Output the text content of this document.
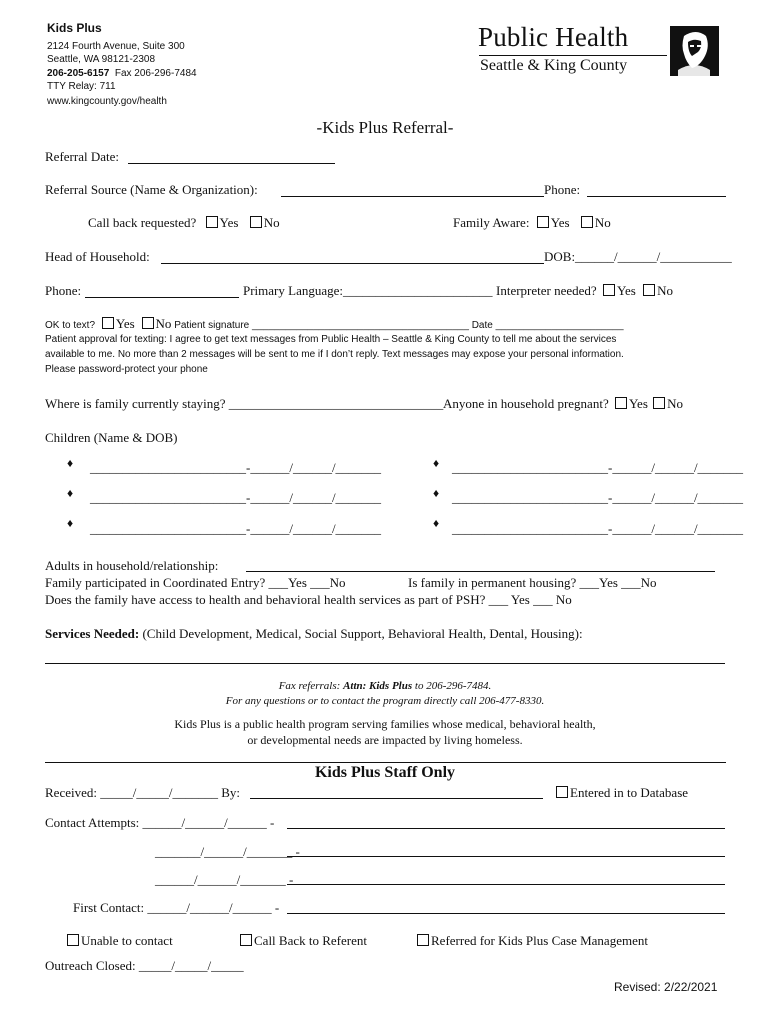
Kids Plus
2124 Fourth Avenue, Suite 300
Seattle, WA 98121-2308
206-205-6157 Fax 206-296-7484
TTY Relay: 711
www.kingcounty.gov/health
Public Health
Seattle & King County
-Kids Plus Referral-
Referral Date:
Referral Source (Name & Organization):	Phone:
Call back requested? Yes No	Family Aware: Yes No
Head of Household:	DOB:______/______/___________
Phone:	Primary Language:_______________________ Interpreter needed? Yes No
OK to text? Yes No Patient signature _______________________________________ Date _______________________
Patient approval for texting: I agree to get text messages from Public Health – Seattle & King County to tell me about the services
available to me. No more than 2 messages will be sent to me if I don’t reply. Text messages may expose your personal information.
Please password-protect your phone
Where is family currently staying? _________________________________ Anyone in household pregnant? Yes No
Children (Name & DOB)
♦ ________________________-______/______/_______	♦ ________________________-______/______/_______
♦ ________________________-______/______/_______	♦ ________________________-______/______/_______
♦ ________________________-______/______/_______	♦ ________________________-______/______/_______
Adults in household/relationship:
Family participated in Coordinated Entry? ___Yes ___No	Is family in permanent housing? ___Yes ___No
Does the family have access to health and behavioral health services as part of PSH? ___ Yes ___ No
Services Needed: (Child Development, Medical, Social Support, Behavioral Health, Dental, Housing):
Fax referrals: Attn: Kids Plus to 206-296-7484.
For any questions or to contact the program directly call 206-477-8330.
Kids Plus is a public health program serving families whose medical, behavioral health,
or developmental needs are impacted by living homeless.
Kids Plus Staff Only
Received: _____/_____/_______ By:	Entered in to Database
Contact Attempts: ______/______/______ -
_______/______/_______ -
______/______/_______ -
First Contact: ______/______/______ -
Unable to contact	Call Back to Referent	Referred for Kids Plus Case Management
Outreach Closed: _____/_____/_____
Revised: 2/22/2021
